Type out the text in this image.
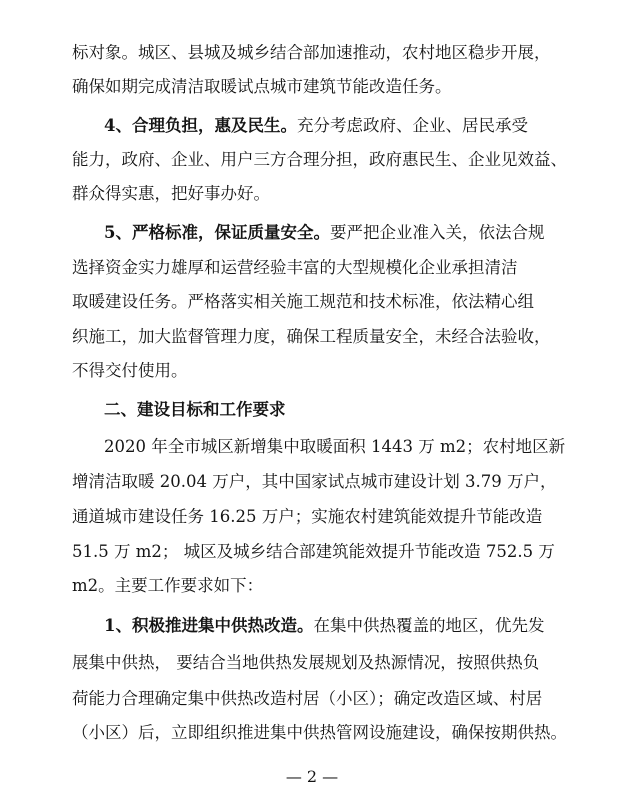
标对象。城区、县城及城乡结合部加速推动，农村地区稳步开展，
确保如期完成清洁取暖试点城市建筑节能改造任务。
4、合理负担，惠及民生。充分考虑政府、企业、居民承受
能力，政府、企业、用户三方合理分担，政府惠民生、企业见效益、
群众得实惠，把好事办好。
5、严格标准，保证质量安全。要严把企业准入关，依法合规
选择资金实力雄厚和运营经验丰富的大型规模化企业承担清洁
取暖建设任务。严格落实相关施工规范和技术标准，依法精心组
织施工，加大监督管理力度，确保工程质量安全，未经合法验收，
不得交付使用。
二、建设目标和工作要求
2020 年全市城区新增集中取暖面积 1443 万 m2；农村地区新
增清洁取暖 20.04 万户，其中国家试点城市建设计划 3.79 万户，
通道城市建设任务 16.25 万户；实施农村建筑能效提升节能改造
51.5 万 m2； 城区及城乡结合部建筑能效提升节能改造 752.5 万
m2。主要工作要求如下：
1、积极推进集中供热改造。在集中供热覆盖的地区，优先发
展集中供热， 要结合当地供热发展规划及热源情况，按照供热负
荷能力合理确定集中供热改造村居（小区）；确定改造区域、村居
（小区）后，立即组织推进集中供热管网设施建设，确保按期供热。
— 2 —
